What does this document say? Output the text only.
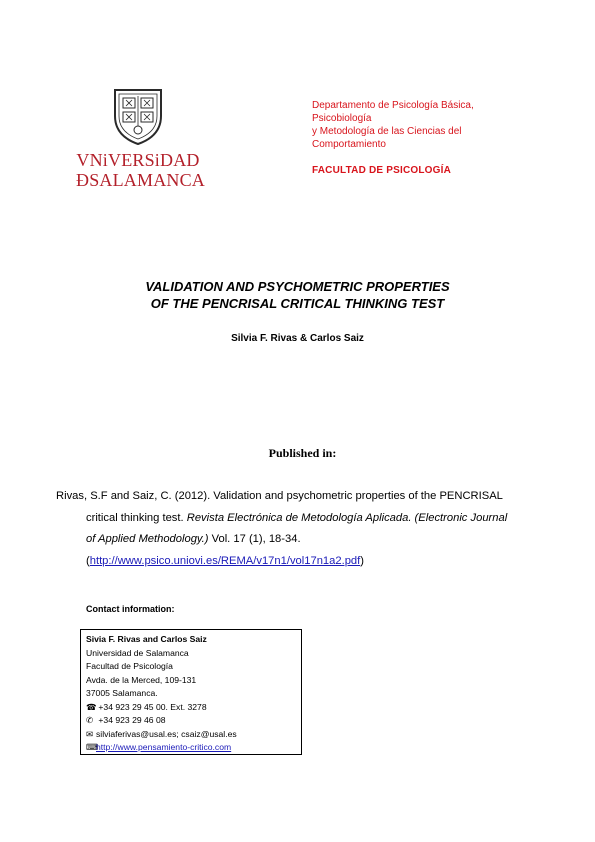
VNiVERSiDAD
ÐSALAMANCA
Departamento de Psicología Básica,
Psicobiología
y Metodología de las Ciencias del
Comportamiento
FACULTAD DE PSICOLOGÍA
VALIDATION AND PSYCHOMETRIC PROPERTIES
OF THE PENCRISAL CRITICAL THINKING TEST
Silvia F. Rivas & Carlos Saiz
Published in:
Rivas, S.F and Saiz, C. (2012). Validation and psychometric properties of the PENCRISAL
critical thinking test. Revista Electrónica de Metodología Aplicada. (Electronic Journal
of Applied Methodology.) Vol. 17 (1), 18-34.
(http://www.psico.uniovi.es/REMA/v17n1/vol17n1a2.pdf)
Contact information:
Sivia F. Rivas and Carlos Saiz
Universidad de Salamanca
Facultad de Psicología
Avda. de la Merced, 109-131
37005 Salamanca.
☎ +34 923 29 45 00. Ext. 3278
✆ +34 923 29 46 08
✉ silviaferivas@usal.es; csaiz@usal.es
⌨http://www.pensamiento-critico.com
